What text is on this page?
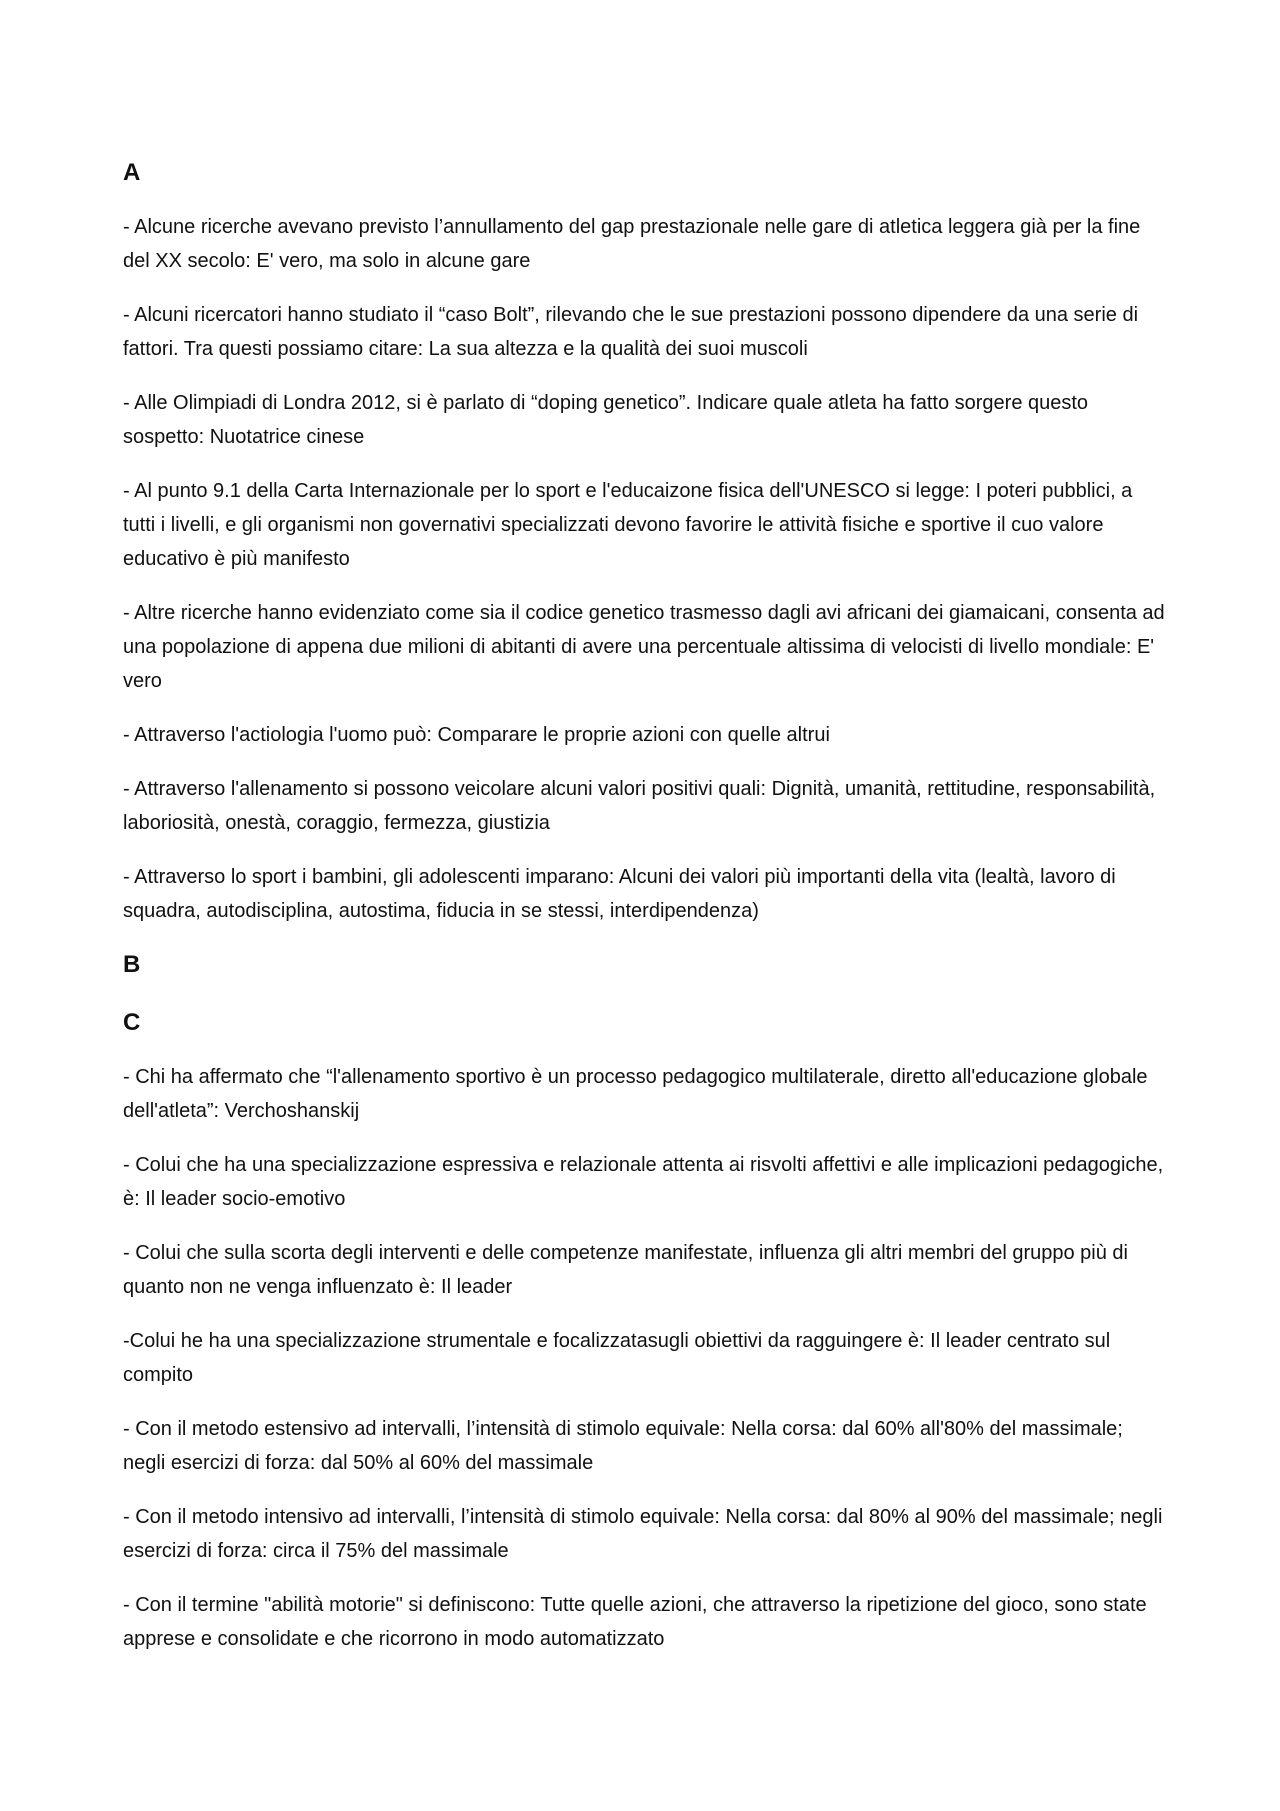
A

- Alcune ricerche avevano previsto l’annullamento del gap prestazionale nelle gare di atletica leggera già per la fine del XX secolo: E' vero, ma solo in alcune gare

- Alcuni ricercatori hanno studiato il “caso Bolt”, rilevando che le sue prestazioni possono dipendere da una serie di fattori. Tra questi possiamo citare: La sua altezza e la qualità dei suoi muscoli

- Alle Olimpiadi di Londra 2012, si è parlato di “doping genetico”. Indicare quale atleta ha fatto sorgere questo sospetto: Nuotatrice cinese

- Al punto 9.1 della Carta Internazionale per lo sport e l'educaizone fisica dell'UNESCO si legge: I poteri pubblici, a tutti i livelli, e gli organismi non governativi specializzati devono favorire le attività fisiche e sportive il cuo valore educativo è più manifesto

- Altre ricerche hanno evidenziato come sia il codice genetico trasmesso dagli avi africani dei giamaicani, consenta ad una popolazione di appena due milioni di abitanti di avere una percentuale altissima di velocisti di livello mondiale: E' vero

- Attraverso l'actiologia l'uomo può: Comparare le proprie azioni con quelle altrui

- Attraverso l'allenamento si possono veicolare alcuni valori positivi quali: Dignità, umanità, rettitudine, responsabilità, laboriosità, onestà, coraggio, fermezza, giustizia

- Attraverso lo sport i bambini, gli adolescenti imparano: Alcuni dei valori più importanti della vita (lealtà, lavoro di squadra, autodisciplina, autostima, fiducia in se stessi, interdipendenza)

B
C

- Chi ha affermato che “l'allenamento sportivo è un processo pedagogico multilaterale, diretto all'educazione globale dell'atleta”: Verchoshanskij

- Colui che ha una specializzazione espressiva e relazionale attenta ai risvolti affettivi e alle implicazioni pedagogiche, è: Il leader socio-emotivo

- Colui che sulla scorta degli interventi e delle competenze manifestate, influenza gli altri membri del gruppo più di quanto non ne venga influenzato è: Il leader

-Colui he ha una specializzazione strumentale e focalizzatasugli obiettivi da ragguingere è: Il leader centrato sul compito

- Con il metodo estensivo ad intervalli, l’intensità di stimolo equivale: Nella corsa: dal 60% all'80% del massimale; negli esercizi di forza: dal 50% al 60% del massimale

- Con il metodo intensivo ad intervalli, l’intensità di stimolo equivale: Nella corsa: dal 80% al 90% del massimale; negli esercizi di forza: circa il 75% del massimale

- Con il termine "abilità motorie" si definiscono: Tutte quelle azioni, che attraverso la ripetizione del gioco, sono state apprese e consolidate e che ricorrono in modo automatizzato
